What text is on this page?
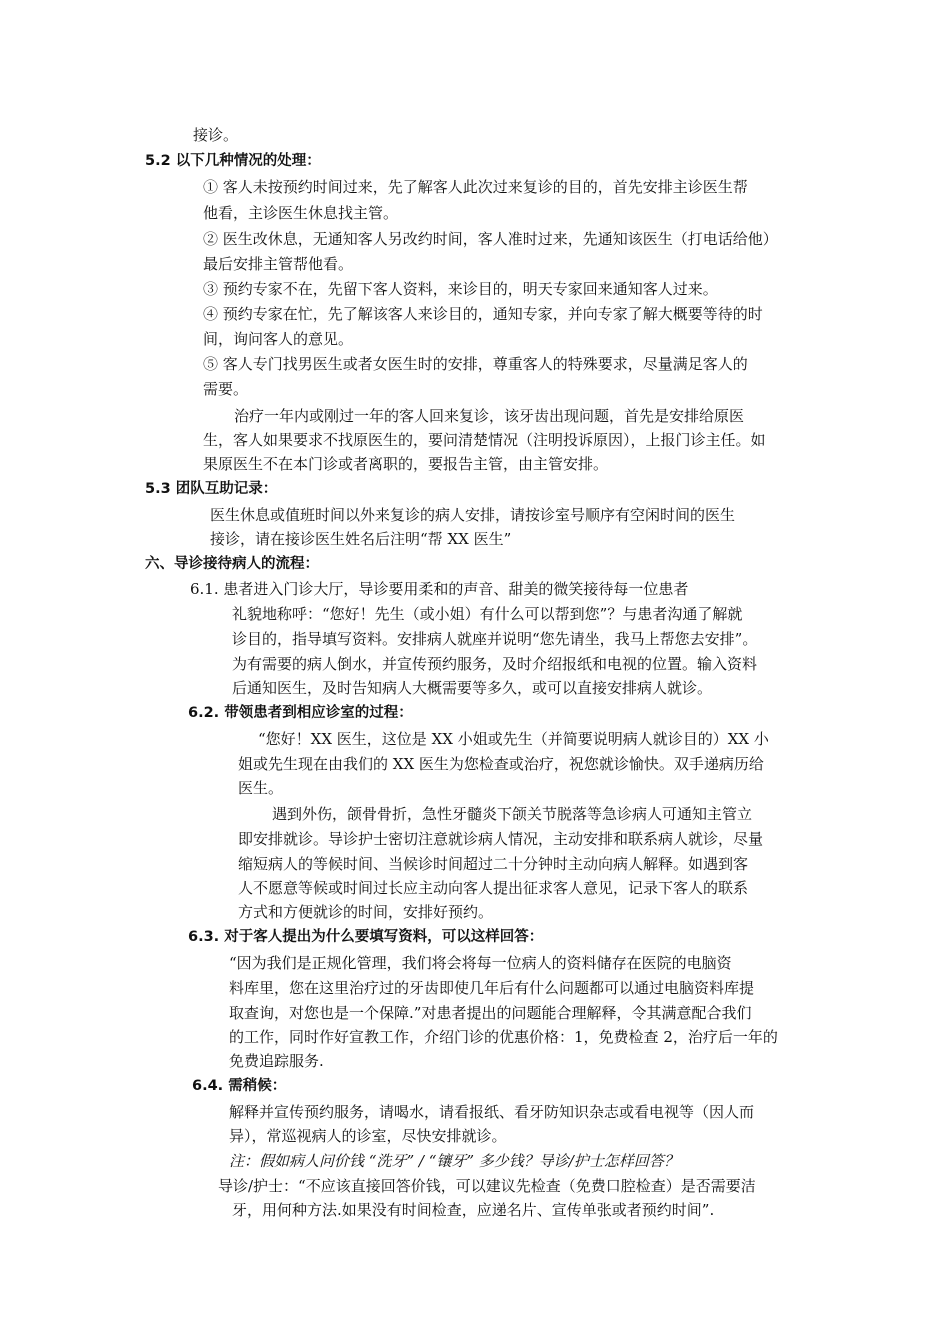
接诊。
5.2 以下几种情况的处理：
① 客人未按预约时间过来，先了解客人此次过来复诊的目的，首先安排主诊医生帮
他看，主诊医生休息找主管。
② 医生改休息，无通知客人另改约时间，客人准时过来，先通知该医生（打电话给他）
最后安排主管帮他看。
③ 预约专家不在，先留下客人资料，来诊目的，明天专家回来通知客人过来。
④ 预约专家在忙，先了解该客人来诊目的，通知专家，并向专家了解大概要等待的时
间，询问客人的意见。
⑤ 客人专门找男医生或者女医生时的安排，尊重客人的特殊要求，尽量满足客人的
需要。
治疗一年内或刚过一年的客人回来复诊，该牙齿出现问题，首先是安排给原医
生，客人如果要求不找原医生的，要问清楚情况（注明投诉原因），上报门诊主任。如
果原医生不在本门诊或者离职的，要报告主管，由主管安排。
5.3 团队互助记录：
医生休息或值班时间以外来复诊的病人安排，请按诊室号顺序有空闲时间的医生
接诊，请在接诊医生姓名后注明“帮 XX 医生”
六、导诊接待病人的流程：
6.1. 患者进入门诊大厅，导诊要用柔和的声音、甜美的微笑接待每一位患者
礼貌地称呼：“您好！先生（或小姐）有什么可以帮到您”？与患者沟通了解就
诊目的，指导填写资料。安排病人就座并说明“您先请坐，我马上帮您去安排”。
为有需要的病人倒水，并宣传预约服务，及时介绍报纸和电视的位置。输入资料
后通知医生，及时告知病人大概需要等多久，或可以直接安排病人就诊。
6.2. 带领患者到相应诊室的过程：
“您好！XX 医生，这位是 XX 小姐或先生（并简要说明病人就诊目的）XX 小
姐或先生现在由我们的 XX 医生为您检查或治疗，祝您就诊愉快。双手递病历给
医生。
遇到外伤，颌骨骨折，急性牙髓炎下颌关节脱落等急诊病人可通知主管立
即安排就诊。导诊护士密切注意就诊病人情况，主动安排和联系病人就诊，尽量
缩短病人的等候时间、当候诊时间超过二十分钟时主动向病人解释。如遇到客
人不愿意等候或时间过长应主动向客人提出征求客人意见，记录下客人的联系
方式和方便就诊的时间，安排好预约。
6.3. 对于客人提出为什么要填写资料，可以这样回答：
“因为我们是正规化管理，我们将会将每一位病人的资料储存在医院的电脑资
料库里，您在这里治疗过的牙齿即使几年后有什么问题都可以通过电脑资料库提
取查询，对您也是一个保障.”对患者提出的问题能合理解释，令其满意配合我们
的工作，同时作好宣教工作，介绍门诊的优惠价格：1，免费检查 2，治疗后一年的
免费追踪服务.
6.4. 需稍候：
解释并宣传预约服务，请喝水，请看报纸、看牙防知识杂志或看电视等（因人而
异），常巡视病人的诊室，尽快安排就诊。
注：假如病人问价钱 “洗牙” / “镶牙” 多少钱？导诊/护士怎样回答？
导诊/护士：“不应该直接回答价钱，可以建议先检查（免费口腔检查）是否需要洁
牙，用何种方法.如果没有时间检查，应递名片、宣传单张或者预约时间”.
